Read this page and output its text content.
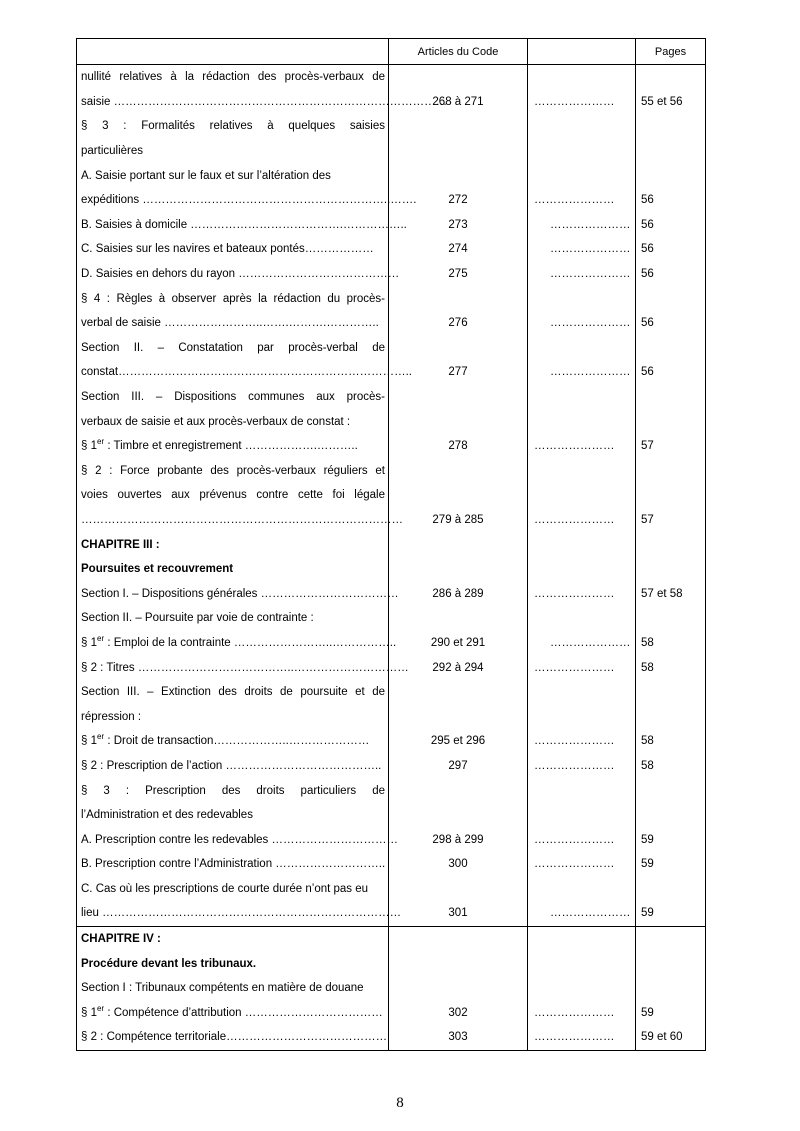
	Articles du Code		Pages
nullité relatives à la rédaction des procès-verbaux de			
saisie ……………………………………………………………………………	268 à 271	…………………	55 et 56
§ 3 : Formalités relatives à quelques saisies			
particulières			
A. Saisie portant sur le faux et sur l’altération des			
expéditions ………………………………………………………..…….	272	…………………	56
B. Saisies à domicile ………………………………….……………..	273	…………………	56
C. Saisies sur les navires et bateaux pontés………………	274	…………………	56
D. Saisies en dehors du rayon ……………………………………	275	…………………	56
§ 4 : Règles à observer après la rédaction du procès-			
verbal de saisie ……………………..…….……….…………..	276	…………………	56
Section II. – Constatation par procès-verbal de			
constat…………………………………………………………………..	277	…………………	56
Section III. – Dispositions communes aux procès-			
verbaux de saisie et aux procès-verbaux de constat :			
§ 1er : Timbre et enregistrement ……………….………..	278	…………………	57
§ 2 : Force probante des procès-verbaux réguliers et			
voies ouvertes aux prévenus contre cette foi légale			
…………………………………………………………………………	279 à 285	…………………	57
CHAPITRE III :			
Poursuites et recouvrement			
Section I. – Dispositions générales ………………………………	286 à 289	…………………	57 et 58
Section II. – Poursuite par voie de contrainte :			
§ 1er : Emploi de la contrainte ……………………..……………..	290 et 291	…………………	58
§ 2 : Titres …………………………………..…………………………	292 à 294	…………………	58
Section III. – Extinction des droits de poursuite et de			
répression :			
§ 1er : Droit de transaction………………..…………………	295 et 296	…………………	58
§ 2 : Prescription de l’action …………………………………..	297	…………………	58
§ 3 : Prescription des droits particuliers de			
l’Administration et des redevables			
A. Prescription contre les redevables ……………………………	298 à 299	…………………	59
B. Prescription contre l’Administration ………………………..	300	…………………	59
C. Cas où les prescriptions de courte durée n’ont pas eu			
lieu ……………………………………………………………………	301	…………………	59
CHAPITRE IV :			
Procédure devant les tribunaux.			
Section I : Tribunaux compétents en matière de douane			
§ 1er : Compétence d’attribution ………………………………	302	…………………	59
§ 2 : Compétence territoriale……………………………………	303	…………………	59 et 60
8
